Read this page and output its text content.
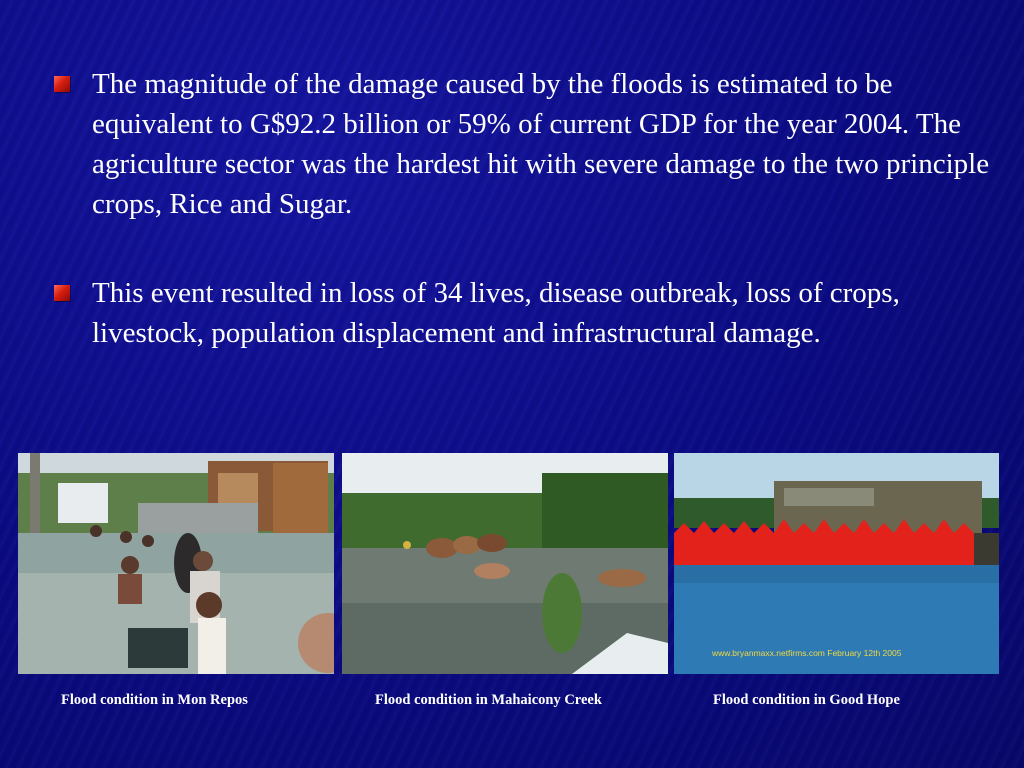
The magnitude of the damage caused by the floods is estimated to be equivalent to G$92.2 billion or 59% of current GDP for the year 2004. The agriculture sector was the hardest hit with severe damage to the two principle crops, Rice and Sugar.
This event resulted in loss of 34 lives, disease outbreak, loss of crops, livestock, population displacement and infrastructural damage.
www.bryanmaxx.netfirms.com February 12th 2005
Flood condition in Mon Repos	Flood condition in Mahaicony Creek	Flood condition in Good Hope
